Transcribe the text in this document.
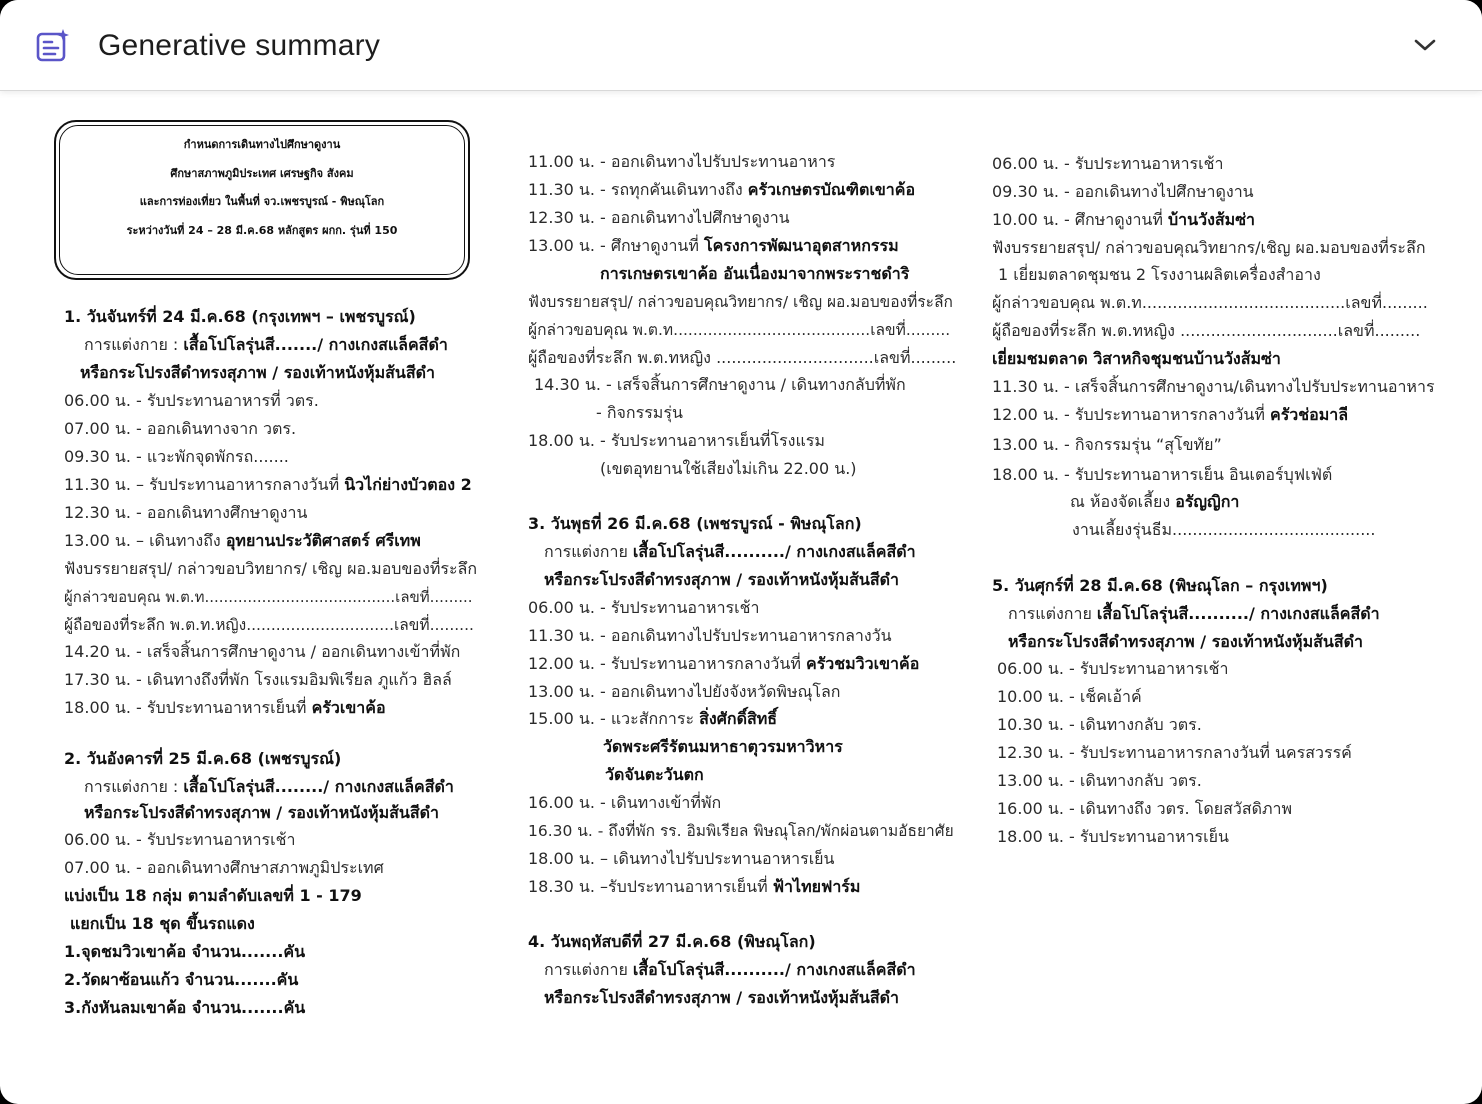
Generative summary
กำหนดการเดินทางไปศึกษาดูงาน
ศึกษาสภาพภูมิประเทศ เศรษฐกิจ สังคม
และการท่องเที่ยว ในพื้นที่ จว.เพชรบูรณ์ - พิษณุโลก
ระหว่างวันที่ 24 – 28 มี.ค.68 หลักสูตร ผกก. รุ่นที่ 150
1. วันจันทร์ที่ 24 มี.ค.68 (กรุงเทพฯ – เพชรบูรณ์)
การแต่งกาย : เสื้อโปโลรุ่นสี......./ กางเกงสแล็คสีดำ
หรือกระโปรงสีดำทรงสุภาพ / รองเท้าหนังหุ้มส้นสีดำ
06.00 น. - รับประทานอาหารที่ วตร.
07.00 น. - ออกเดินทางจาก วตร.
09.30 น. - แวะพักจุดพักรถ.......
11.30 น. – รับประทานอาหารกลางวันที่ นิวไก่ย่างบัวตอง 2
12.30 น. - ออกเดินทางศึกษาดูงาน
13.00 น. – เดินทางถึง อุทยานประวัติศาสตร์ ศรีเทพ
ฟังบรรยายสรุป/ กล่าวขอบวิทยากร/ เชิญ ผอ.มอบของที่ระลึก
ผู้กล่าวขอบคุณ พ.ต.ท........................................เลขที่.........
ผู้ถือของที่ระลึก พ.ต.ท.หญิง..............................เลขที่.........
14.20 น. - เสร็จสิ้นการศึกษาดูงาน / ออกเดินทางเข้าที่พัก
17.30 น. - เดินทางถึงที่พัก โรงแรมอิมพิเรียล ภูแก้ว ฮิลล์
18.00 น. - รับประทานอาหารเย็นที่ ครัวเขาค้อ
2. วันอังคารที่ 25 มี.ค.68 (เพชรบูรณ์)
การแต่งกาย : เสื้อโปโลรุ่นสี......../ กางเกงสแล็คสีดำ
หรือกระโปรงสีดำทรงสุภาพ / รองเท้าหนังหุ้มส้นสีดำ
06.00 น. - รับประทานอาหารเช้า
07.00 น. - ออกเดินทางศึกษาสภาพภูมิประเทศ
แบ่งเป็น 18 กลุ่ม ตามลำดับเลขที่ 1 - 179
แยกเป็น 18 ชุด ขึ้นรถแดง
1.จุดชมวิวเขาค้อ จำนวน.......คัน
2.วัดผาซ้อนแก้ว จำนวน.......คัน
3.กังหันลมเขาค้อ จำนวน.......คัน
11.00 น. - ออกเดินทางไปรับประทานอาหาร
11.30 น. - รถทุกคันเดินทางถึง ครัวเกษตรบัณฑิตเขาค้อ
12.30 น. - ออกเดินทางไปศึกษาดูงาน
13.00 น. - ศึกษาดูงานที่ โครงการพัฒนาอุตสาหกรรม
การเกษตรเขาค้อ อันเนื่องมาจากพระราชดำริ
ฟังบรรยายสรุป/ กล่าวขอบคุณวิทยากร/ เชิญ ผอ.มอบของที่ระลึก
ผู้กล่าวขอบคุณ พ.ต.ท........................................เลขที่.........
ผู้ถือของที่ระลึก พ.ต.ทหญิง ...............................เลขที่.........
14.30 น. - เสร็จสิ้นการศึกษาดูงาน / เดินทางกลับที่พัก
- กิจกรรมรุ่น
18.00 น. - รับประทานอาหารเย็นที่โรงแรม
(เขตอุทยานใช้เสียงไม่เกิน 22.00 น.)
3. วันพุธที่ 26 มี.ค.68 (เพชรบูรณ์ - พิษณุโลก)
การแต่งกาย เสื้อโปโลรุ่นสี........../ กางเกงสแล็คสีดำ
หรือกระโปรงสีดำทรงสุภาพ / รองเท้าหนังหุ้มส้นสีดำ
06.00 น. - รับประทานอาหารเช้า
11.30 น. - ออกเดินทางไปรับประทานอาหารกลางวัน
12.00 น. - รับประทานอาหารกลางวันที่ ครัวชมวิวเขาค้อ
13.00 น. - ออกเดินทางไปยังจังหวัดพิษณุโลก
15.00 น. - แวะสักการะ สิ่งศักดิ์สิทธิ์
วัดพระศรีรัตนมหาธาตุวรมหาวิหาร
วัดจันตะวันตก
16.00 น. - เดินทางเข้าที่พัก
16.30 น. - ถึงที่พัก รร. อิมพิเรียล พิษณุโลก/พักผ่อนตามอัธยาศัย
18.00 น. – เดินทางไปรับประทานอาหารเย็น
18.30 น. –รับประทานอาหารเย็นที่ ฟ้าไทยฟาร์ม
4. วันพฤหัสบดีที่ 27 มี.ค.68 (พิษณุโลก)
การแต่งกาย เสื้อโปโลรุ่นสี........../ กางเกงสแล็คสีดำ
หรือกระโปรงสีดำทรงสุภาพ / รองเท้าหนังหุ้มส้นสีดำ
06.00 น. - รับประทานอาหารเช้า
09.30 น. - ออกเดินทางไปศึกษาดูงาน
10.00 น. - ศึกษาดูงานที่ บ้านวังส้มซ่า
ฟังบรรยายสรุป/ กล่าวขอบคุณวิทยากร/เชิญ ผอ.มอบของที่ระลึก
1 เยี่ยมตลาดชุมชน 2 โรงงานผลิตเครื่องสำอาง
ผู้กล่าวขอบคุณ พ.ต.ท........................................เลขที่.........
ผู้ถือของที่ระลึก พ.ต.ทหญิง ...............................เลขที่.........
เยี่ยมชมตลาด วิสาหกิจชุมชนบ้านวังส้มซ่า
11.30 น. - เสร็จสิ้นการศึกษาดูงาน/เดินทางไปรับประทานอาหาร
12.00 น. - รับประทานอาหารกลางวันที่ ครัวช่อมาลี
13.00 น. - กิจกรรมรุ่น “สุโขทัย”
18.00 น. - รับประทานอาหารเย็น อินเตอร์บุฟเฟ่ต์
ณ ห้องจัดเลี้ยง อรัญญิกา
งานเลี้ยงรุ่นธีม........................................
5. วันศุกร์ที่ 28 มี.ค.68 (พิษณุโลก – กรุงเทพฯ)
การแต่งกาย เสื้อโปโลรุ่นสี........../ กางเกงสแล็คสีดำ
หรือกระโปรงสีดำทรงสุภาพ / รองเท้าหนังหุ้มส้นสีดำ
06.00 น. - รับประทานอาหารเช้า
10.00 น. - เช็คเอ้าค์
10.30 น. - เดินทางกลับ วตร.
12.30 น. - รับประทานอาหารกลางวันที่ นครสวรรค์
13.00 น. - เดินทางกลับ วตร.
16.00 น. - เดินทางถึง วตร. โดยสวัสดิภาพ
18.00 น. - รับประทานอาหารเย็น
